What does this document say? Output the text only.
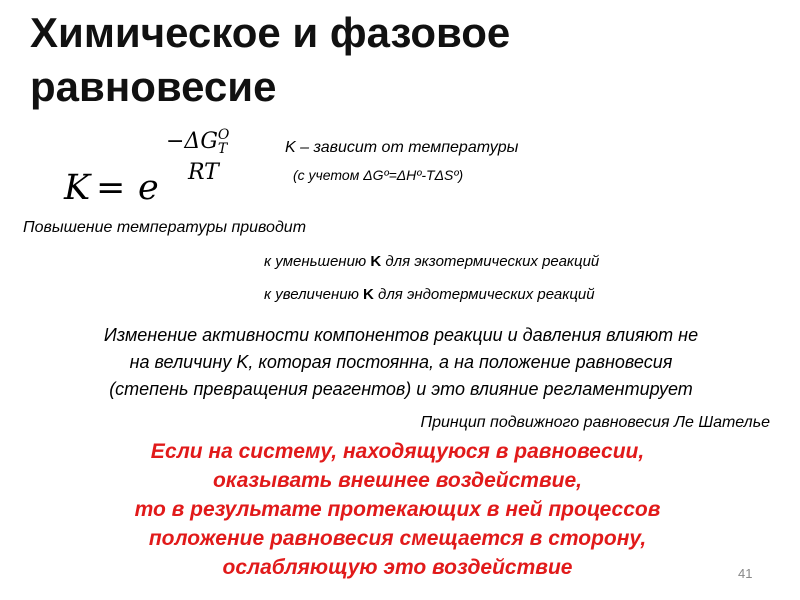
Химическое и фазовое
равновесие
K = e
−ΔG O
T
RT
K – зависит от температуры
(с учетом ΔGº=ΔHº-TΔSº)
Повышение температуры приводит
к уменьшению K для экзотермических реакций
к увеличению K для эндотермических реакций
Изменение активности компонентов реакции и давления влияют не
на величину K, которая постоянна, а на положение равновесия
(степень превращения реагентов) и это влияние регламентирует
Принцип подвижного равновесия Ле Шателье
Если на систему, находящуюся в равновесии,
оказывать внешнее воздействие,
то в результате протекающих в ней процессов
положение равновесия смещается в сторону,
ослабляющую это воздействие	41
